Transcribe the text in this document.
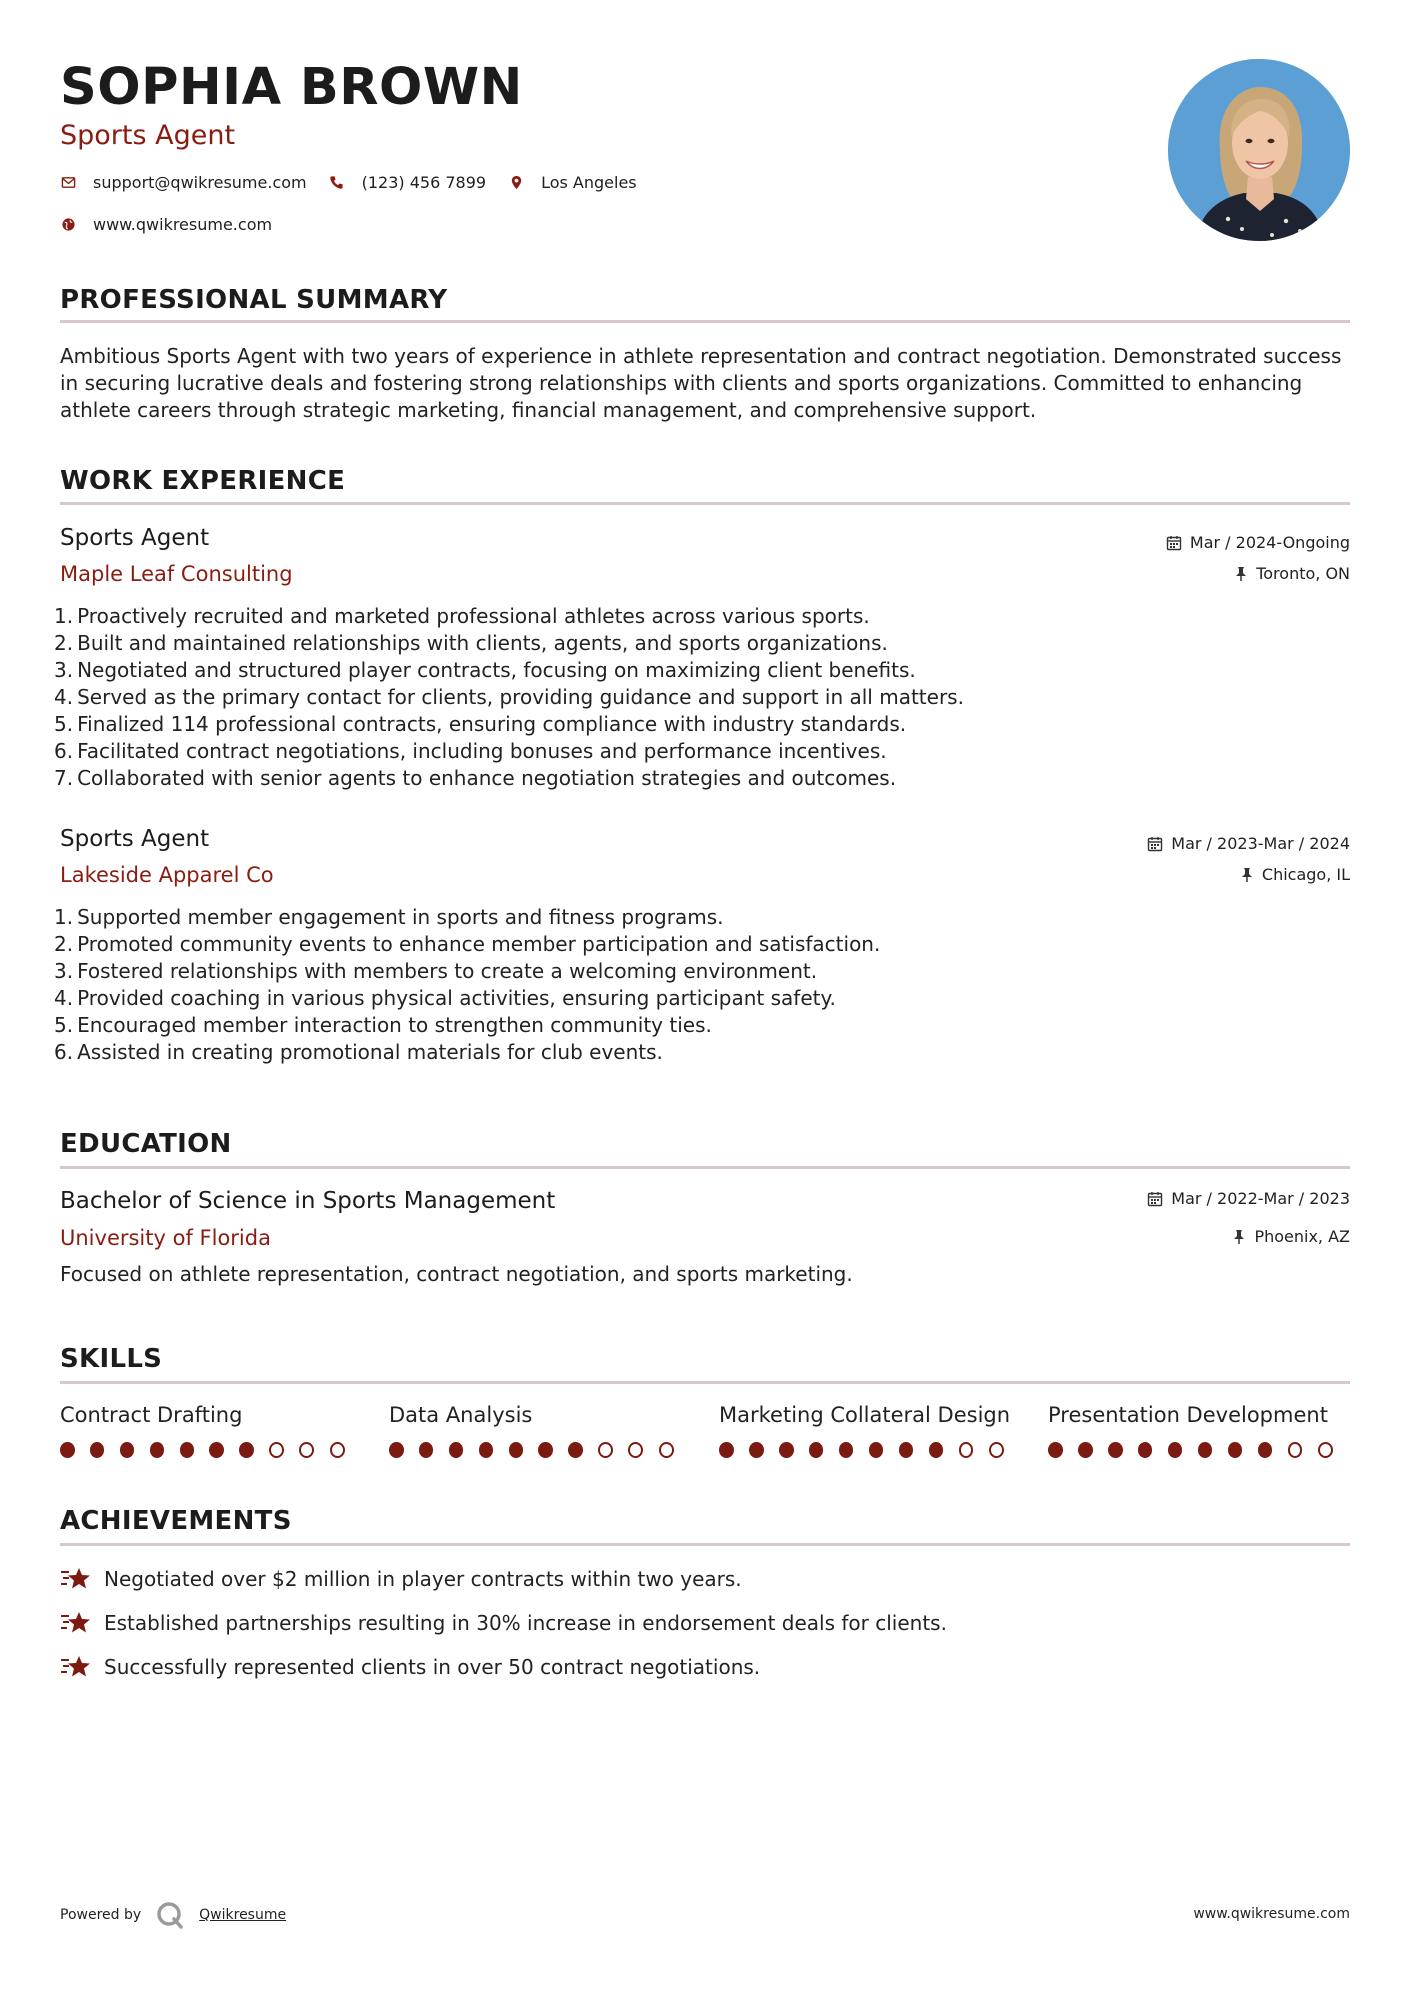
SOPHIA BROWN
Sports Agent
support@qwikresume.com	(123) 456 7899	Los Angeles
www.qwikresume.com
PROFESSIONAL SUMMARY
Ambitious Sports Agent with two years of experience in athlete representation and contract negotiation. Demonstrated success in securing lucrative deals and fostering strong relationships with clients and sports organizations. Committed to enhancing athlete careers through strategic marketing, financial management, and comprehensive support.
WORK EXPERIENCE
Sports Agent
Maple Leaf Consulting
Mar / 2024-Ongoing
Toronto, ON
1. Proactively recruited and marketed professional athletes across various sports.
2. Built and maintained relationships with clients, agents, and sports organizations.
3. Negotiated and structured player contracts, focusing on maximizing client benefits.
4. Served as the primary contact for clients, providing guidance and support in all matters.
5. Finalized 114 professional contracts, ensuring compliance with industry standards.
6. Facilitated contract negotiations, including bonuses and performance incentives.
7. Collaborated with senior agents to enhance negotiation strategies and outcomes.
Sports Agent
Lakeside Apparel Co
Mar / 2023-Mar / 2024
Chicago, IL
1. Supported member engagement in sports and fitness programs.
2. Promoted community events to enhance member participation and satisfaction.
3. Fostered relationships with members to create a welcoming environment.
4. Provided coaching in various physical activities, ensuring participant safety.
5. Encouraged member interaction to strengthen community ties.
6. Assisted in creating promotional materials for club events.
EDUCATION
Bachelor of Science in Sports Management
University of Florida
Mar / 2022-Mar / 2023
Phoenix, AZ
Focused on athlete representation, contract negotiation, and sports marketing.
SKILLS
Contract Drafting	Data Analysis	Marketing Collateral Design	Presentation Development
ACHIEVEMENTS
Negotiated over $2 million in player contracts within two years.
Established partnerships resulting in 30% increase in endorsement deals for clients.
Successfully represented clients in over 50 contract negotiations.
Powered by	Qwikresume	www.qwikresume.com
